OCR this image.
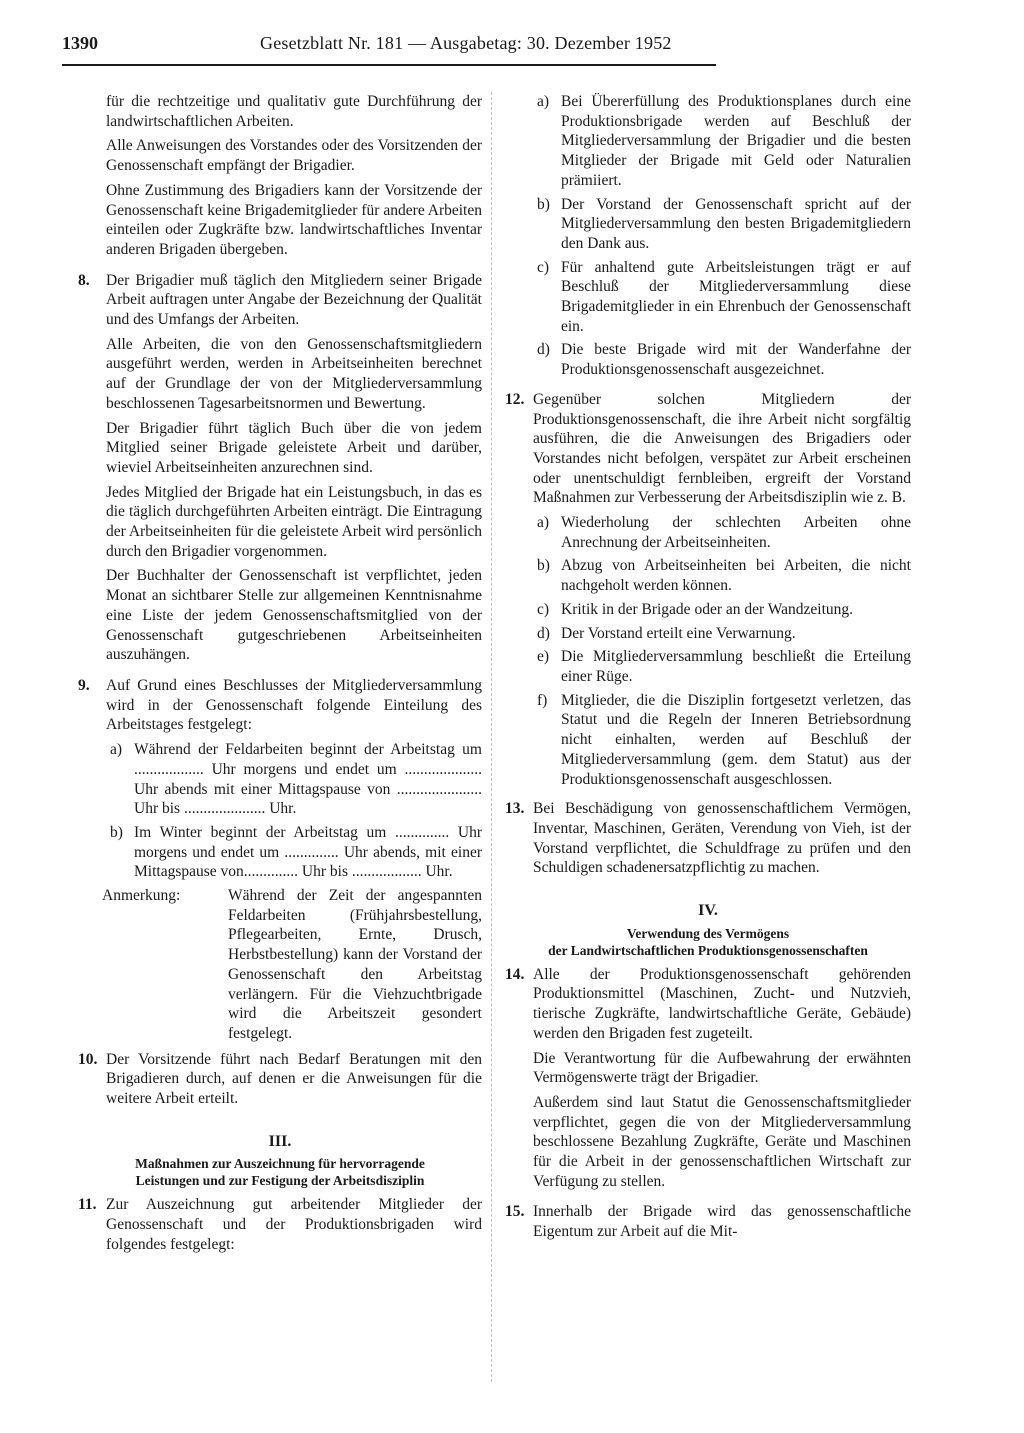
1390	Gesetzblatt Nr. 181 — Ausgabetag: 30. Dezember 1952

für die rechtzeitige und qualitativ gute Durchführung der landwirtschaftlichen Arbeiten.

Alle Anweisungen des Vorstandes oder des Vorsitzenden der Genossenschaft empfängt der Brigadier.

Ohne Zustimmung des Brigadiers kann der Vorsitzende der Genossenschaft keine Brigademitglieder für andere Arbeiten einteilen oder Zugkräfte bzw. landwirtschaftliches Inventar anderen Brigaden übergeben.

8. Der Brigadier muß täglich den Mitgliedern seiner Brigade Arbeit auftragen unter Angabe der Bezeichnung der Qualität und des Umfangs der Arbeiten.

Alle Arbeiten, die von den Genossenschaftsmitgliedern ausgeführt werden, werden in Arbeitseinheiten berechnet auf der Grundlage der von der Mitgliederversammlung beschlossenen Tagesarbeitsnormen und Bewertung.

Der Brigadier führt täglich Buch über die von jedem Mitglied seiner Brigade geleistete Arbeit und darüber, wieviel Arbeitseinheiten anzurechnen sind.

Jedes Mitglied der Brigade hat ein Leistungsbuch, in das es die täglich durchgeführten Arbeiten einträgt. Die Eintragung der Arbeitseinheiten für die geleistete Arbeit wird persönlich durch den Brigadier vorgenommen.

Der Buchhalter der Genossenschaft ist verpflichtet, jeden Monat an sichtbarer Stelle zur allgemeinen Kenntnisnahme eine Liste der jedem Genossenschaftsmitglied von der Genossenschaft gutgeschriebenen Arbeitseinheiten auszuhängen.

9. Auf Grund eines Beschlusses der Mitgliederversammlung wird in der Genossenschaft folgende Einteilung des Arbeitstages festgelegt:

a) Während der Feldarbeiten beginnt der Arbeitstag um .................. Uhr morgens und endet um .................... Uhr abends mit einer Mittagspause von ...................... Uhr bis ..................... Uhr.
b) Im Winter beginnt der Arbeitstag um .............. Uhr morgens und endet um .............. Uhr abends, mit einer Mittagspause von.............. Uhr bis .................. Uhr.
Anmerkung:	Während der Zeit der angespannten Feldarbeiten (Frühjahrsbestellung, Pflegearbeiten, Ernte, Drusch, Herbstbestellung) kann der Vorstand der Genossenschaft den Arbeitstag verlängern. Für die Viehzuchtbrigade wird die Arbeitszeit gesondert festgelegt.
10. Der Vorsitzende führt nach Bedarf Beratungen mit den Brigadieren durch, auf denen er die Anweisungen für die weitere Arbeit erteilt.

III.
Maßnahmen zur Auszeichnung für hervorragende
Leistungen und zur Festigung der Arbeitsdisziplin
11. Zur Auszeichnung gut arbeitender Mitglieder der Genossenschaft und der Produktionsbrigaden wird folgendes festgelegt:

a) Bei Übererfüllung des Produktionsplanes durch eine Produktionsbrigade werden auf Beschluß der Mitgliederversammlung der Brigadier und die besten Mitglieder der Brigade mit Geld oder Naturalien prämiiert.
b) Der Vorstand der Genossenschaft spricht auf der Mitgliederversammlung den besten Brigademitgliedern den Dank aus.
c) Für anhaltend gute Arbeitsleistungen trägt er auf Beschluß der Mitgliederversammlung diese Brigademitglieder in ein Ehrenbuch der Genossenschaft ein.
d) Die beste Brigade wird mit der Wanderfahne der Produktionsgenossenschaft ausgezeichnet.
12. Gegenüber solchen Mitgliedern der Produktionsgenossenschaft, die ihre Arbeit nicht sorgfältig ausführen, die die Anweisungen des Brigadiers oder Vorstandes nicht befolgen, verspätet zur Arbeit erscheinen oder unentschuldigt fernbleiben, ergreift der Vorstand Maßnahmen zur Verbesserung der Arbeitsdisziplin wie z. B.

a) Wiederholung der schlechten Arbeiten ohne Anrechnung der Arbeitseinheiten.
b) Abzug von Arbeitseinheiten bei Arbeiten, die nicht nachgeholt werden können.
c) Kritik in der Brigade oder an der Wandzeitung.
d) Der Vorstand erteilt eine Verwarnung.
e) Die Mitgliederversammlung beschließt die Erteilung einer Rüge.
f) Mitglieder, die die Disziplin fortgesetzt verletzen, das Statut und die Regeln der Inneren Betriebsordnung nicht einhalten, werden auf Beschluß der Mitgliederversammlung (gem. dem Statut) aus der Produktionsgenossenschaft ausgeschlossen.
13. Bei Beschädigung von genossenschaftlichem Vermögen, Inventar, Maschinen, Geräten, Verendung von Vieh, ist der Vorstand verpflichtet, die Schuldfrage zu prüfen und den Schuldigen schadenersatzpflichtig zu machen.

IV.
Verwendung des Vermögens
der Landwirtschaftlichen Produktionsgenossenschaften
14. Alle der Produktionsgenossenschaft gehörenden Produktionsmittel (Maschinen, Zucht- und Nutzvieh, tierische Zugkräfte, landwirtschaftliche Geräte, Gebäude) werden den Brigaden fest zugeteilt.

Die Verantwortung für die Aufbewahrung der erwähnten Vermögenswerte trägt der Brigadier.

Außerdem sind laut Statut die Genossenschaftsmitglieder verpflichtet, gegen die von der Mitgliederversammlung beschlossene Bezahlung Zugkräfte, Geräte und Maschinen für die Arbeit in der genossenschaftlichen Wirtschaft zur Verfügung zu stellen.

15. Innerhalb der Brigade wird das genossenschaftliche Eigentum zur Arbeit auf die Mit-
